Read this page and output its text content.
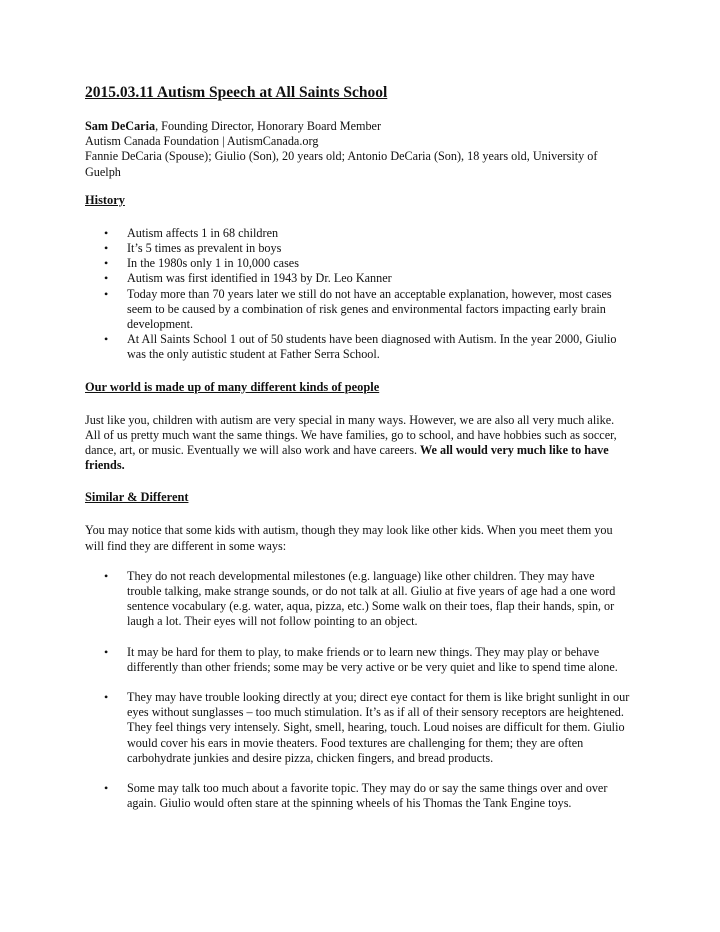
2015.03.11 Autism Speech at All Saints School

Sam DeCaria, Founding Director, Honorary Board Member

Autism Canada Foundation | AutismCanada.org

Fannie DeCaria (Spouse); Giulio (Son), 20 years old; Antonio DeCaria (Son), 18 years old, University of Guelph

History
• Autism affects 1 in 68 children
• It’s 5 times as prevalent in boys
• In the 1980s only 1 in 10,000 cases
• Autism was first identified in 1943 by Dr. Leo Kanner
• Today more than 70 years later we still do not have an acceptable explanation, however, most cases seem to be caused by a combination of risk genes and environmental factors impacting early brain development.
• At All Saints School 1 out of 50 students have been diagnosed with Autism. In the year 2000, Giulio was the only autistic student at Father Serra School.
Our world is made up of many different kinds of people

Just like you, children with autism are very special in many ways. However, we are also all very much alike. All of us pretty much want the same things. We have families, go to school, and have hobbies such as soccer, dance, art, or music. Eventually we will also work and have careers. We all would very much like to have friends.

Similar & Different

You may notice that some kids with autism, though they may look like other kids. When you meet them you will find they are different in some ways:

• They do not reach developmental milestones (e.g. language) like other children. They may have trouble talking, make strange sounds, or do not talk at all. Giulio at five years of age had a one word sentence vocabulary (e.g. water, aqua, pizza, etc.) Some walk on their toes, flap their hands, spin, or laugh a lot. Their eyes will not follow pointing to an object.
• It may be hard for them to play, to make friends or to learn new things. They may play or behave differently than other friends; some may be very active or be very quiet and like to spend time alone.
• They may have trouble looking directly at you; direct eye contact for them is like bright sunlight in our eyes without sunglasses – too much stimulation. It’s as if all of their sensory receptors are heightened. They feel things very intensely. Sight, smell, hearing, touch. Loud noises are difficult for them. Giulio would cover his ears in movie theaters. Food textures are challenging for them; they are often carbohydrate junkies and desire pizza, chicken fingers, and bread products.
• Some may talk too much about a favorite topic. They may do or say the same things over and over again. Giulio would often stare at the spinning wheels of his Thomas the Tank Engine toys.
